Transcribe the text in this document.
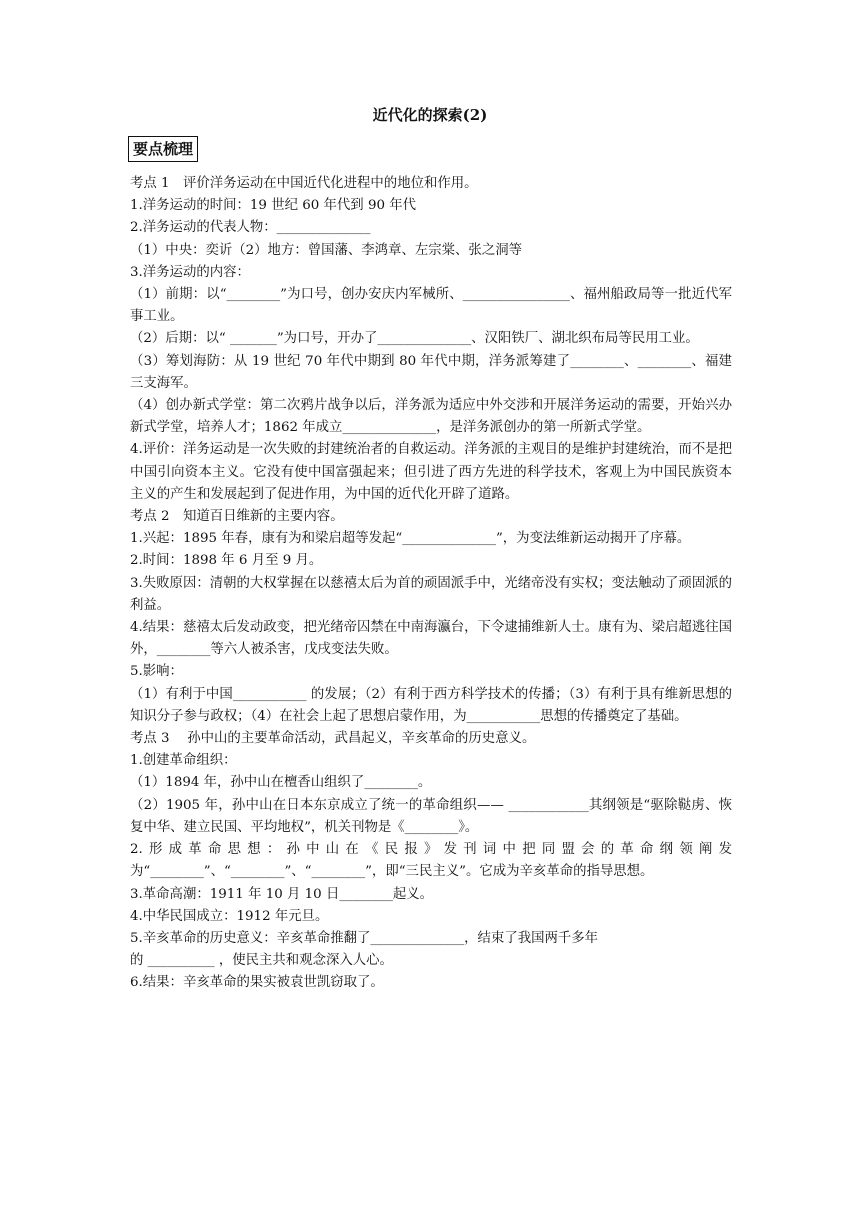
近代化的探索(2)
要点梳理

考点 1　评价洋务运动在中国近代化进程中的地位和作用。

1.洋务运动的时间：19 世纪 60 年代到 90 年代

2.洋务运动的代表人物：______________

（1）中央：奕䜣（2）地方：曾国藩、李鸿章、左宗棠、张之洞等

3.洋务运动的内容：

（1）前期：以“________”为口号，创办安庆内军械所、________________、福州船政局等一批近代军事工业。

（2）后期：以“ _______”为口号，开办了______________、汉阳铁厂、湖北织布局等民用工业。

（3）筹划海防：从 19 世纪 70 年代中期到 80 年代中期，洋务派筹建了________、________、福建三支海军。

（4）创办新式学堂：第二次鸦片战争以后，洋务派为适应中外交涉和开展洋务运动的需要，开始兴办新式学堂，培养人才；1862 年成立______________，是洋务派创办的第一所新式学堂。

4.评价：洋务运动是一次失败的封建统治者的自救运动。洋务派的主观目的是维护封建统治，而不是把中国引向资本主义。它没有使中国富强起来；但引进了西方先进的科学技术，客观上为中国民族资本主义的产生和发展起到了促进作用，为中国的近代化开辟了道路。

考点 2　知道百日维新的主要内容。

1.兴起：1895 年春，康有为和梁启超等发起“______________”，为变法维新运动揭开了序幕。

2.时间：1898 年 6 月至 9 月。

3.失败原因：清朝的大权掌握在以慈禧太后为首的顽固派手中，光绪帝没有实权；变法触动了顽固派的利益。

4.结果：慈禧太后发动政变，把光绪帝囚禁在中南海瀛台，下令逮捕维新人士。康有为、梁启超逃往国外，________等六人被杀害，戊戌变法失败。

5.影响：

（1）有利于中国___________ 的发展；（2）有利于西方科学技术的传播；（3）有利于具有维新思想的知识分子参与政权；（4）在社会上起了思想启蒙作用，为___________思想的传播奠定了基础。

考点 3　 孙中山的主要革命活动，武昌起义，辛亥革命的历史意义。

1.创建革命组织：

（1）1894 年，孙中山在檀香山组织了________。

（2）1905 年，孙中山在日本东京成立了统一的革命组织—— ____________其纲领是“驱除鞑虏、恢复中华、建立民国、平均地权”，机关刊物是《________》。

2.形成革命思想：孙中山在《民报》发刊词中把同盟会的革命纲领阐发为“________”、“________”、“________”，即“三民主义”。它成为辛亥革命的指导思想。

3.革命高潮：1911 年 10 月 10 日________起义。

4.中华民国成立：1912 年元旦。

5.辛亥革命的历史意义：辛亥革命推翻了______________，结束了我国两千多年

的 __________ ，使民主共和观念深入人心。

6.结果：辛亥革命的果实被袁世凯窃取了。
